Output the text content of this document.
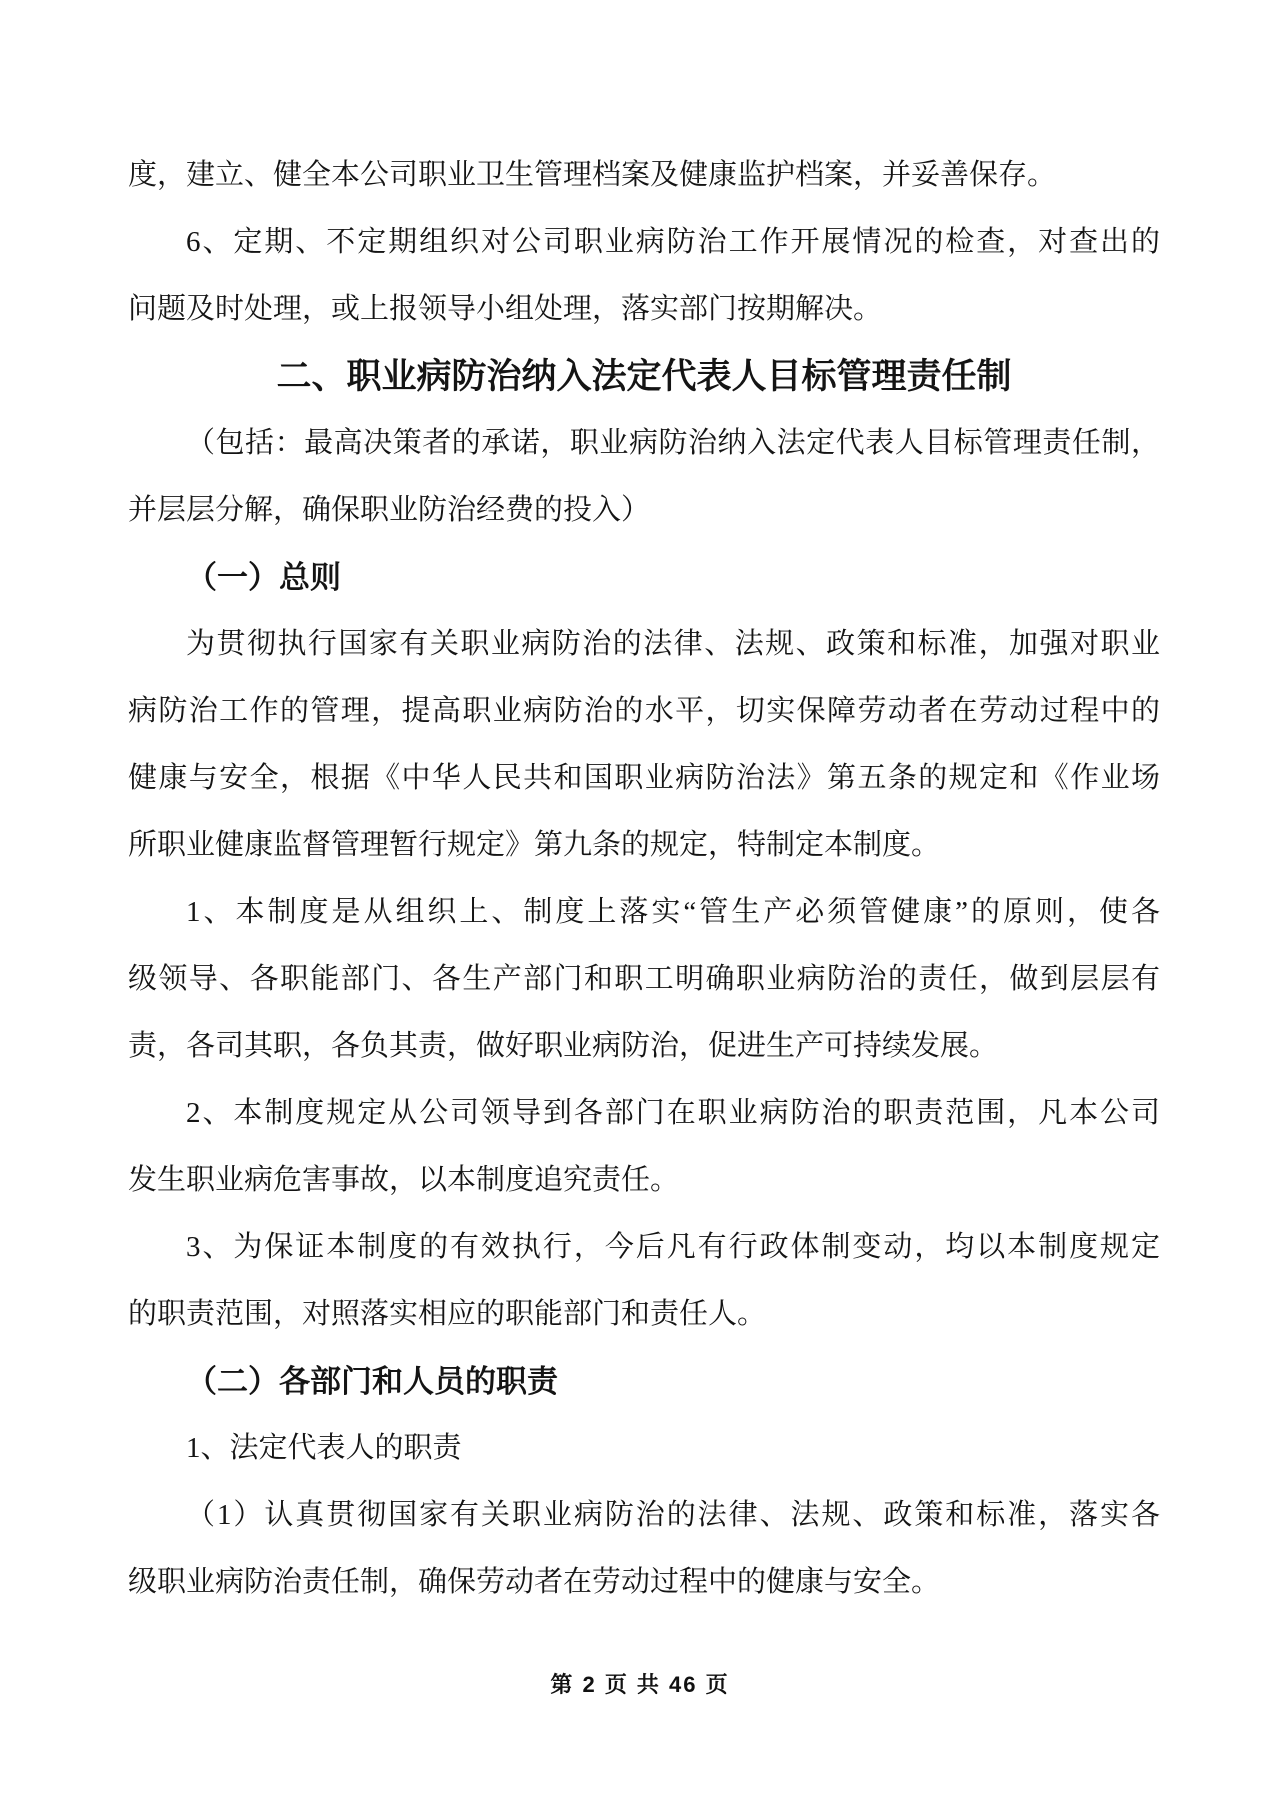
度，建立、健全本公司职业卫生管理档案及健康监护档案，并妥善保存。
6、定期、不定期组织对公司职业病防治工作开展情况的检查，对查出的
问题及时处理，或上报领导小组处理，落实部门按期解决。
二、职业病防治纳入法定代表人目标管理责任制
（包括：最高决策者的承诺，职业病防治纳入法定代表人目标管理责任制，
并层层分解，确保职业防治经费的投入）
（一）总则
为贯彻执行国家有关职业病防治的法律、法规、政策和标准，加强对职业
病防治工作的管理，提高职业病防治的水平，切实保障劳动者在劳动过程中的
健康与安全，根据《中华人民共和国职业病防治法》第五条的规定和《作业场
所职业健康监督管理暂行规定》第九条的规定，特制定本制度。
1、本制度是从组织上、制度上落实“管生产必须管健康”的原则，使各
级领导、各职能部门、各生产部门和职工明确职业病防治的责任，做到层层有
责，各司其职，各负其责，做好职业病防治，促进生产可持续发展。
2、本制度规定从公司领导到各部门在职业病防治的职责范围，凡本公司
发生职业病危害事故，以本制度追究责任。
3、为保证本制度的有效执行，今后凡有行政体制变动，均以本制度规定
的职责范围，对照落实相应的职能部门和责任人。
（二）各部门和人员的职责
1、法定代表人的职责
（1）认真贯彻国家有关职业病防治的法律、法规、政策和标准，落实各
级职业病防治责任制，确保劳动者在劳动过程中的健康与安全。
第 2 页 共 46 页
